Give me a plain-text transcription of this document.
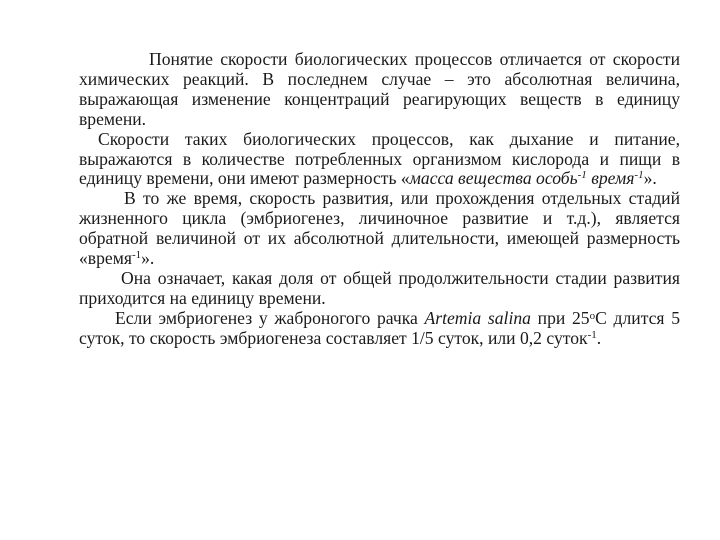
Понятие скорости биологических процессов отличается от скорости химических реакций. В последнем случае – это абсолютная величина, выражающая изменение концентраций реагирующих веществ в единицу времени.

Скорости таких биологических процессов, как дыхание и питание, выражаются в количестве потребленных организмом кислорода и пищи в единицу времени, они имеют размерность «масса вещества особь$^{-1}$ время$^{-1}$».

В то же время, скорость развития, или прохождения отдельных стадий жизненного цикла (эмбриогенез, личиночное развитие и т.д.), является обратной величиной от их абсолютной длительности, имеющей размерность «время$^{-1}$».

Она означает, какая доля от общей продолжительности стадии развития приходится на единицу времени.

Если эмбриогенез у жаброногого рачка Artemia salina при $25^оС$ длится 5 суток, то скорость эмбриогенеза составляет 1/5 суток, или 0,2 суток$^{-1}$.
